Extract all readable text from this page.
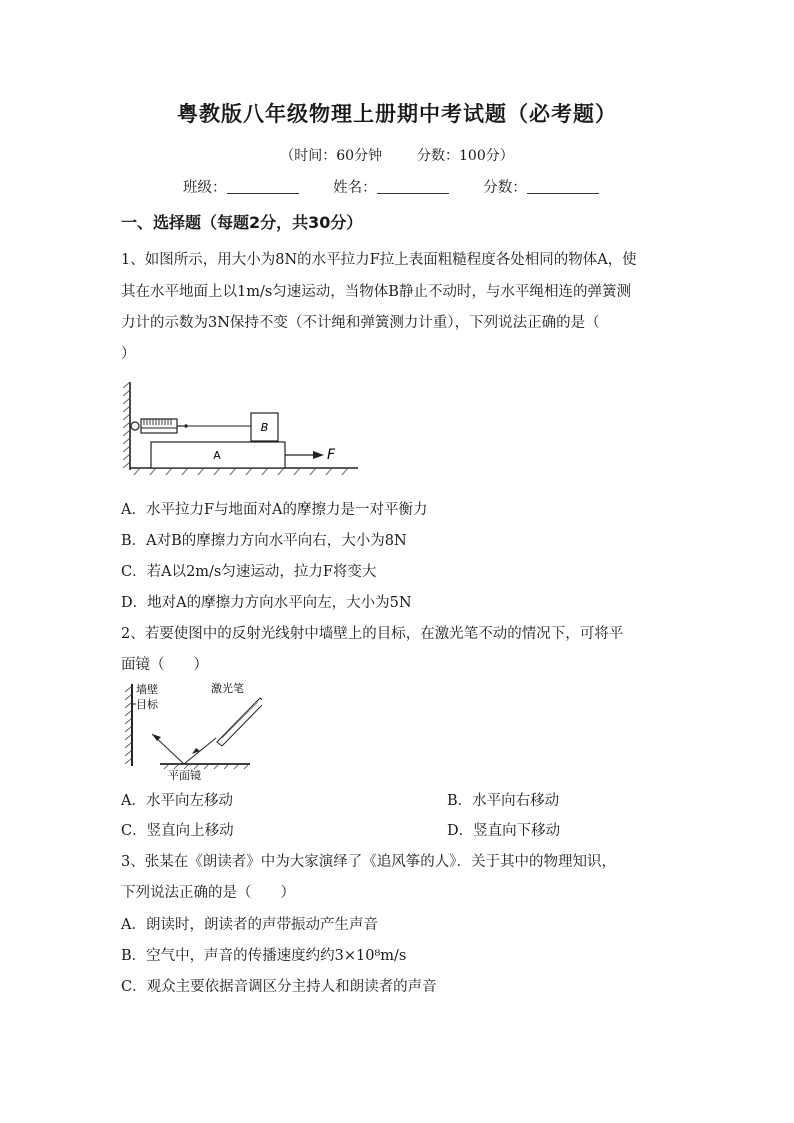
粤教版八年级物理上册期中考试题（必考题）
（时间：60分钟 分数：100分）
班级：	姓名：	分数：
一、选择题（每题2分，共30分）
1、如图所示，用大小为8N的水平拉力F拉上表面粗糙程度各处相同的物体A，使
其在水平地面上以1m/s匀速运动，当物体B静止不动时，与水平绳相连的弹簧测
力计的示数为3N保持不变（不计绳和弹簧测力计重），下列说法正确的是（
）
B
A	F
A．水平拉力F与地面对A的摩擦力是一对平衡力
B．A对B的摩擦力方向水平向右，大小为8N
C．若A以2m/s匀速运动，拉力F将变大
D．地对A的摩擦力方向水平向左，大小为5N
2、若要使图中的反射光线射中墙壁上的目标，在激光笔不动的情况下，可将平
面镜（　　）
墙壁
目标
激光笔
平面镜
A．水平向左移动	B．水平向右移动
C．竖直向上移动	D．竖直向下移动
3、张某在《朗读者》中为大家演绎了《追风筝的人》．关于其中的物理知识，
下列说法正确的是（　　）
A．朗读时，朗读者的声带振动产生声音
B．空气中，声音的传播速度约约3×10⁸m/s
C．观众主要依据音调区分主持人和朗读者的声音
